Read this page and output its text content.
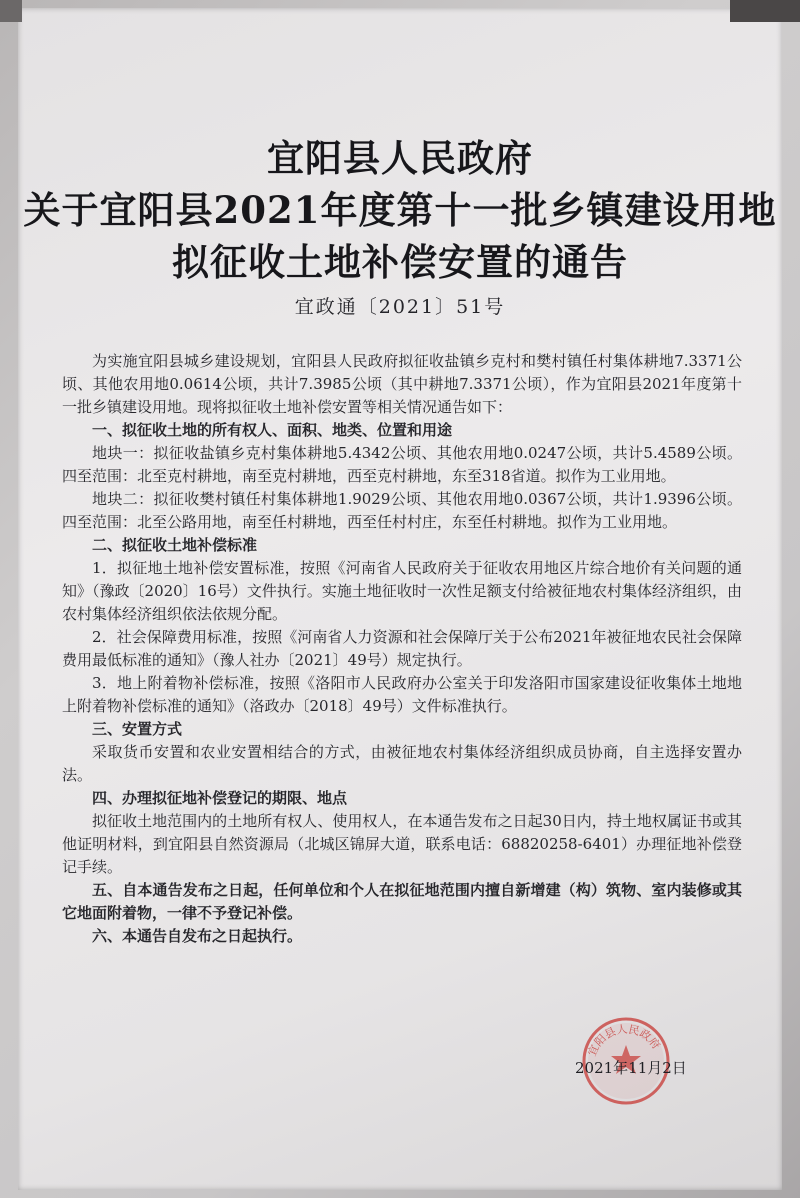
宜阳县人民政府
关于宜阳县2021年度第十一批乡镇建设用地
拟征收土地补偿安置的通告
宜政通〔2021〕51号

为实施宜阳县城乡建设规划，宜阳县人民政府拟征收盐镇乡克村和樊村镇任村集体耕地7.3371公顷、其他农用地0.0614公顷，共计7.3985公顷（其中耕地7.3371公顷），作为宜阳县2021年度第十一批乡镇建设用地。现将拟征收土地补偿安置等相关情况通告如下：

一、拟征收土地的所有权人、面积、地类、位置和用途

地块一：拟征收盐镇乡克村集体耕地5.4342公顷、其他农用地0.0247公顷，共计5.4589公顷。四至范围：北至克村耕地，南至克村耕地，西至克村耕地，东至318省道。拟作为工业用地。

地块二：拟征收樊村镇任村集体耕地1.9029公顷、其他农用地0.0367公顷，共计1.9396公顷。四至范围：北至公路用地，南至任村耕地，西至任村村庄，东至任村耕地。拟作为工业用地。

二、拟征收土地补偿标准

1．拟征地土地补偿安置标准，按照《河南省人民政府关于征收农用地区片综合地价有关问题的通知》（豫政〔2020〕16号）文件执行。实施土地征收时一次性足额支付给被征地农村集体经济组织，由农村集体经济组织依法依规分配。

2．社会保障费用标准，按照《河南省人力资源和社会保障厅关于公布2021年被征地农民社会保障费用最低标准的通知》（豫人社办〔2021〕49号）规定执行。

3．地上附着物补偿标准，按照《洛阳市人民政府办公室关于印发洛阳市国家建设征收集体土地地上附着物补偿标准的通知》（洛政办〔2018〕49号）文件标准执行。

三、安置方式

采取货币安置和农业安置相结合的方式，由被征地农村集体经济组织成员协商，自主选择安置办法。

四、办理拟征地补偿登记的期限、地点

拟征收土地范围内的土地所有权人、使用权人，在本通告发布之日起30日内，持土地权属证书或其他证明材料，到宜阳县自然资源局（北城区锦屏大道，联系电话：68820258-6401）办理征地补偿登记手续。

五、自本通告发布之日起，任何单位和个人在拟征地范围内擅自新增建（构）筑物、室内装修或其它地面附着物，一律不予登记补偿。

六、本通告自发布之日起执行。

宜阳县人民政府
2021年11月2日
